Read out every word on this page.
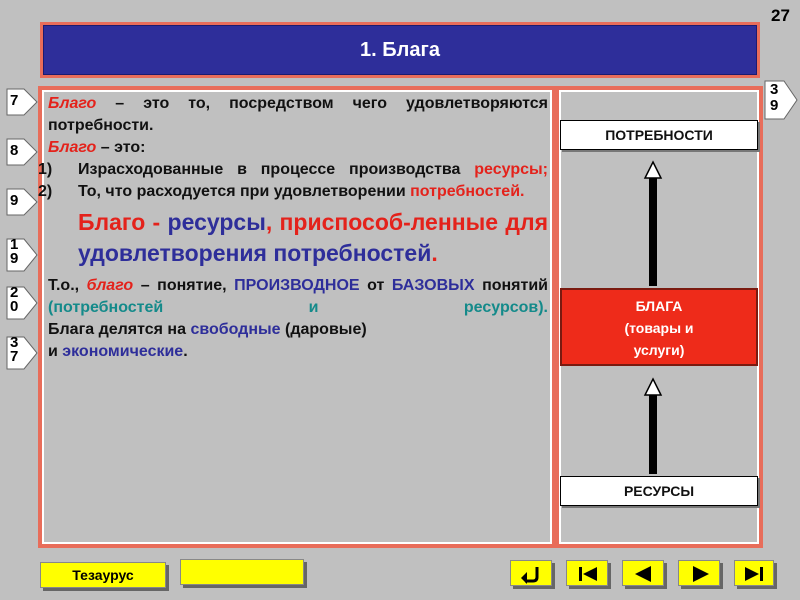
27
1. Блага
7
8
9
1
9
2
0
3
7
3
9

Благо – это то, посредством чего удовлетворяются потребности.

Благо – это:

1) Израсходованные в процессе производства ресурсы;

2) То, что расходуется при удовлетворении потребностей.

Благо - ресурсы, приспособ-ленные для удовлетворения потребностей.

Т.о., благо – понятие, ПРОИЗВОДНОЕ от БАЗОВЫХ понятий (потребностей и ресурсов).

Блага делятся на свободные (даровые)
и экономические.

ПОТРЕБНОСТИ
БЛАГА
(товары и
услуги)
РЕСУРСЫ
Тезаурус
